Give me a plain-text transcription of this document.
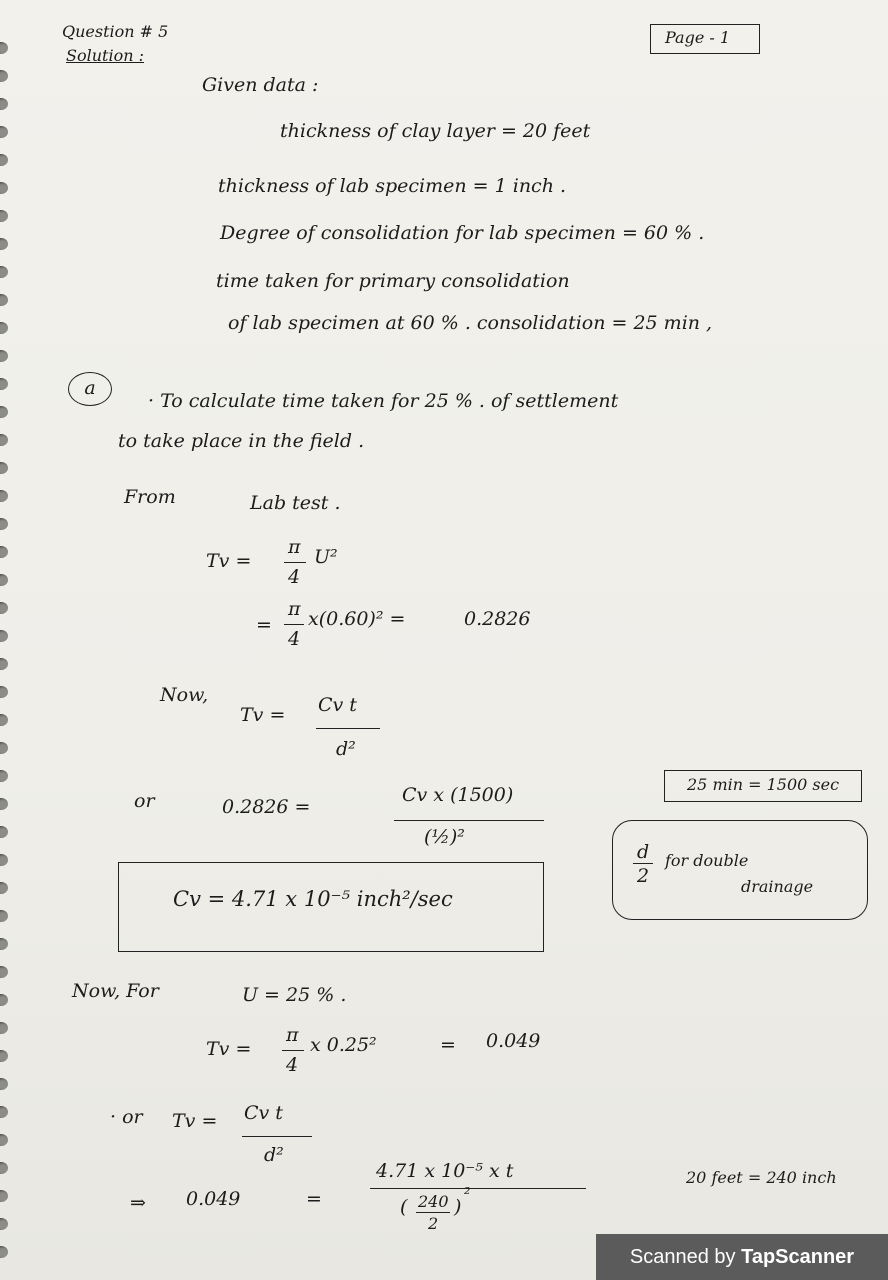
Question # 5
Solution :
Page - 1
Given data :
thickness of clay layer = 20 feet
thickness of lab specimen = 1 inch .
Degree of consolidation for lab specimen = 60 % .
time taken for primary consolidation
of lab specimen at 60 % . consolidation = 25 min ,
a
· To calculate time taken for 25 % . of settlement
to take place in the field .
From	Lab test .
Tv =
π
4
U²
=
π
4
x(0.60)² =	0.2826
Now,
Tv = Cv t
d²
or	0.2826 =
Cv x (1500)
(½)²
25 min = 1500 sec
d
2
for double
drainage
Cv = 4.71 x 10⁻⁵ inch²/sec
Now, For	U = 25 % .
Tv =
π
4
x 0.25²	= 0.049
· or Tv = Cv t
d²
⇒ 0.049	=
4.71 x 10⁻⁵ x t
( 240
2
)
²
20 feet = 240 inch
Scanned by TapScanner
